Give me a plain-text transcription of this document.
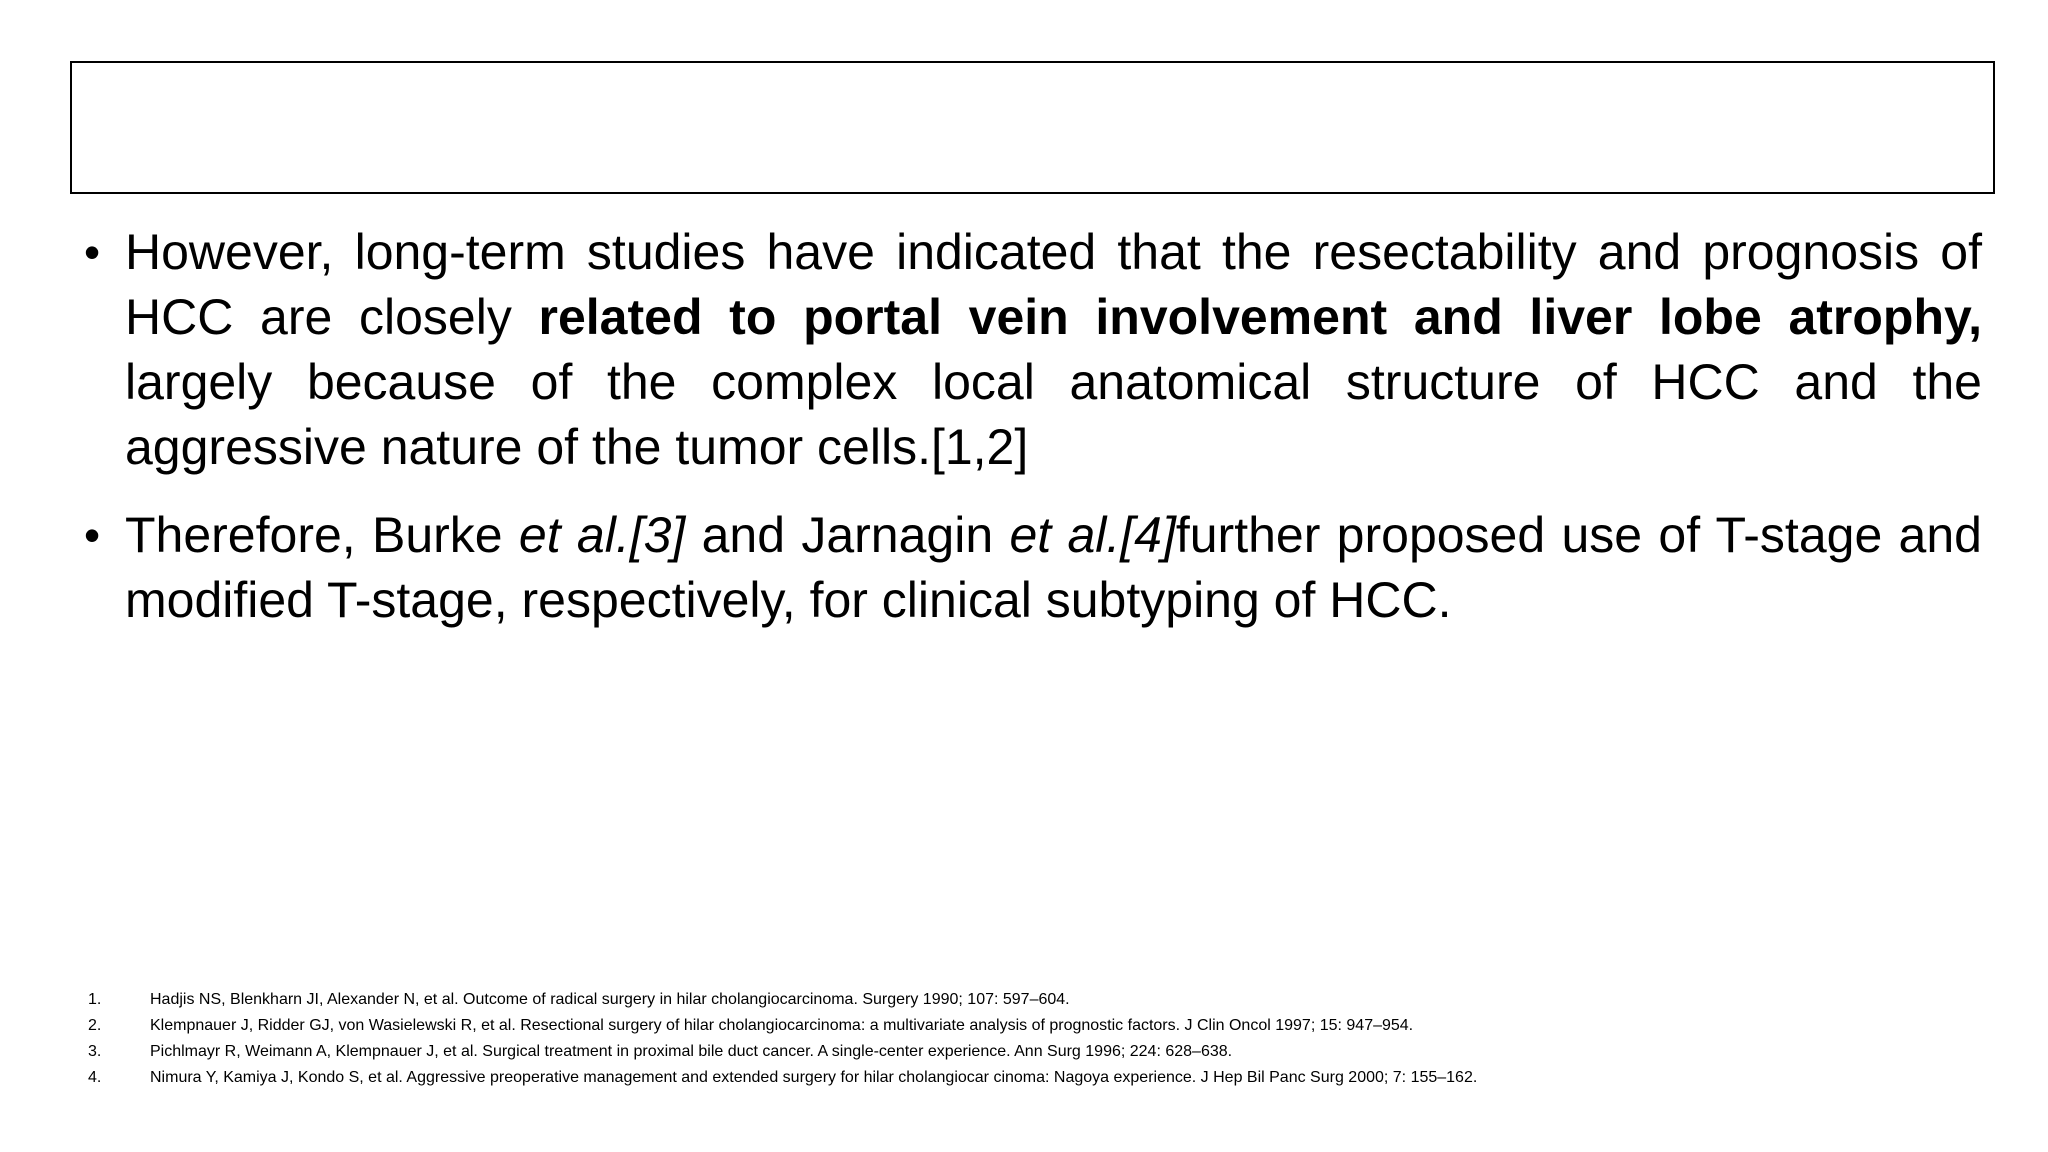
• However, long-term studies have indicated that the resectability and prognosis of HCC are closely related to portal vein involvement and liver lobe atrophy, largely because of the complex local anatomical structure of HCC and the aggressive nature of the tumor cells.[1,2]
• Therefore, Burke et al.[3] and Jarnagin et al.[4]further proposed use of T-stage and modified T-stage, respectively, for clinical subtyping of HCC.
1.	Hadjis NS, Blenkharn JI, Alexander N, et al. Outcome of radical surgery in hilar cholangiocarcinoma. Surgery 1990; 107: 597–604.
2.	Klempnauer J, Ridder GJ, von Wasielewski R, et al. Resectional surgery of hilar cholangiocarcinoma: a multivariate analysis of prognostic factors. J Clin Oncol 1997; 15: 947–954.
3.	Pichlmayr R, Weimann A, Klempnauer J, et al. Surgical treatment in proximal bile duct cancer. A single-center experience. Ann Surg 1996; 224: 628–638.
4.	Nimura Y, Kamiya J, Kondo S, et al. Aggressive preoperative management and extended surgery for hilar cholangiocar cinoma: Nagoya experience. J Hep Bil Panc Surg 2000; 7: 155–162.
